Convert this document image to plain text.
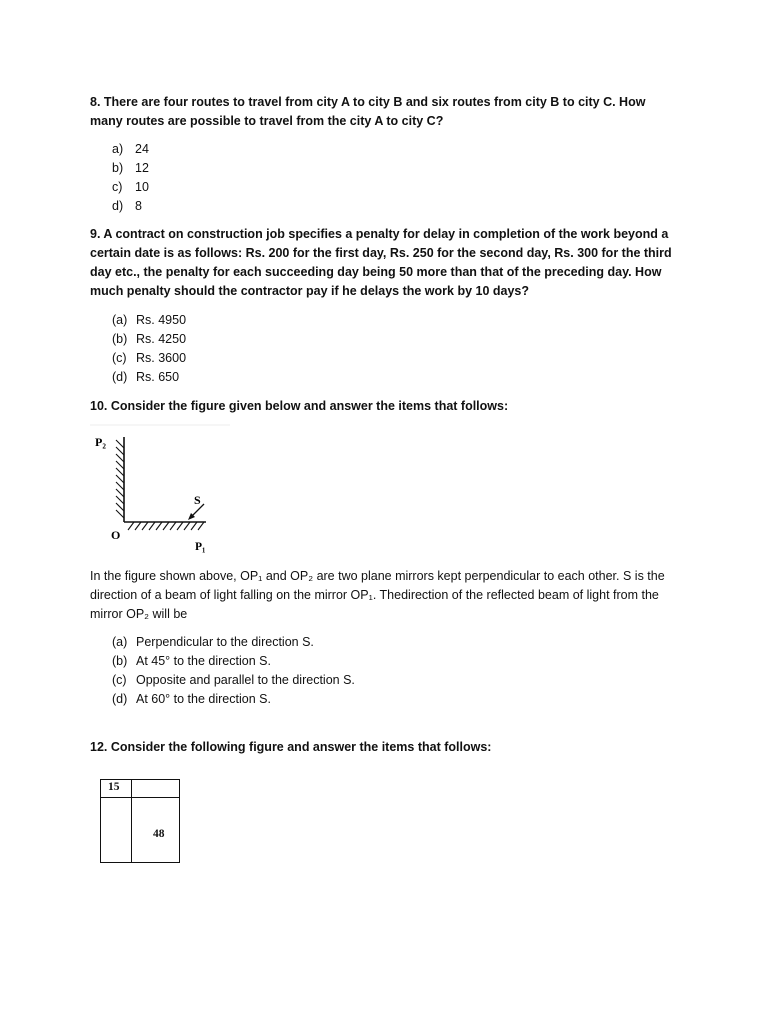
8. There are four routes to travel from city A to city B and six routes from city B to city C. How many routes are possible to travel from the city A to city C?
a) 24
b) 12
c)	10
d) 8
9. A contract on construction job specifies a penalty for delay in completion of the work beyond a certain date is as follows: Rs. 200 for the first day, Rs. 250 for the second day, Rs. 300 for the third day etc., the penalty for each succeeding day being 50 more than that of the preceding day. How much penalty should the contractor pay if he delays the work by 10 days?
(a) Rs. 4950
(b) Rs. 4250
(c) Rs. 3600
(d) Rs. 650
10. Consider the figure given below and answer the items that follows:
P₂
S
O
P₁
In the figure shown above, OP₁ and OP₂ are two plane mirrors kept perpendicular to each other. S is the direction of a beam of light falling on the mirror OP₁. Thedirection of the reflected beam of light from the mirror OP₂ will be
(a) Perpendicular to the direction S.
(b) At 45° to the direction S.
(c) Opposite and parallel to the direction S.
(d) At 60° to the direction S.
12. Consider the following figure and answer the items that follows:
15
48
